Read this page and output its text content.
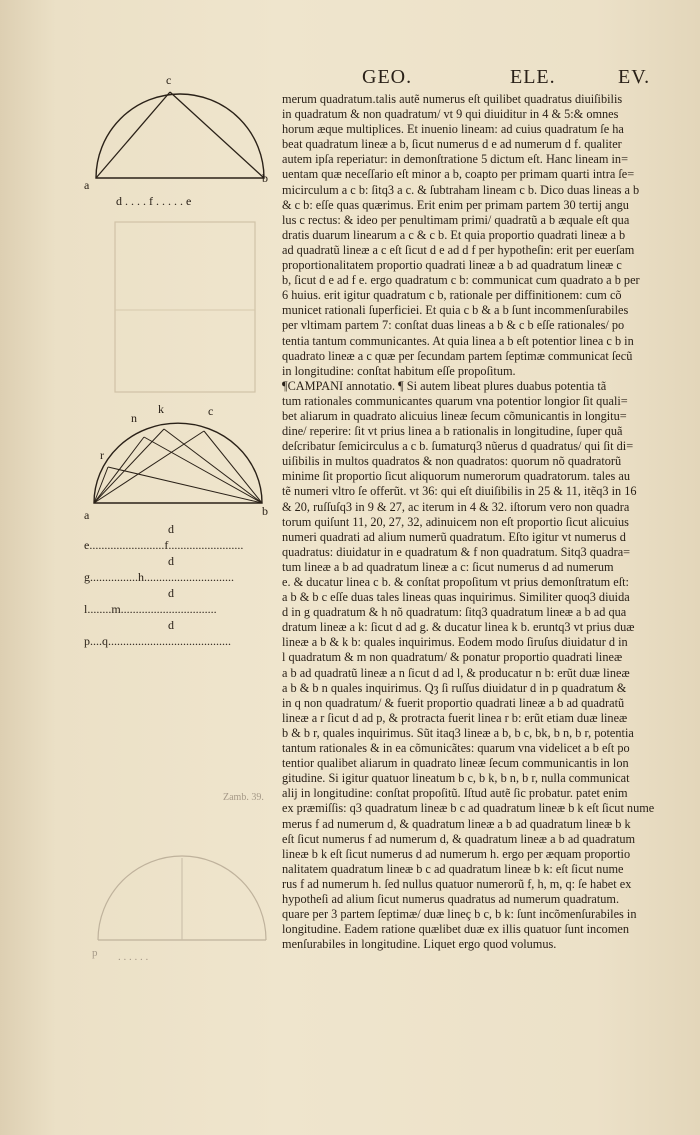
GEO.	ELE.	EV.
c
a	b
d . . . . f . . . . . e
n
k	c
r
a	b
d
e.........................f.........................
d
g................h..............................
d
l........m................................
d
p....q.........................................
Zamb. 39.
p . . . . . .
merum quadratum.talis autẽ numerus eſt quilibet quadratus diuiſibilis
in quadratum & non quadratum/ vt 9 qui diuiditur in 4 & 5:& omnes
horum æque multiplices. Et inuenio lineam: ad cuius quadratum ſe ha
beat quadratum lineæ a b, ſicut numerus d e ad numerum d f. qualiter
autem ipſa reperiatur: in demonſtratione 5 dictum eſt. Hanc lineam in=
uentam quæ neceſſario eſt minor a b, coapto per primam quarti intra ſe=
micirculum a c b: ſitq3 a c. & ſubtraham lineam c b. Dico duas lineas a b
& c b: eſſe quas quærimus. Erit enim per primam partem 30 tertij angu
lus c rectus: & ideo per penultimam primi/ quadratũ a b æquale eſt qua
dratis duarum linearum a c & c b. Et quia proportio quadrati lineæ a b
ad quadratũ lineæ a c eſt ſicut d e ad d f per hypotheſin: erit per euerſam
proportionalitatem proportio quadrati lineæ a b ad quadratum lineæ c
b, ſicut d e ad f e. ergo quadratum c b: communicat cum quadrato a b per
6 huius. erit igitur quadratum c b, rationale per diffinitionem: cum cõ
municet rationali ſuperficiei. Et quia c b & a b ſunt incommenſurabiles
per vltimam partem 7: conſtat duas lineas a b & c b eſſe rationales/ po
tentia tantum communicantes. At quia linea a b eſt potentior linea c b in
quadrato lineæ a c quæ per ſecundam partem ſeptimæ communicat ſecũ
in longitudine: conſtat habitum eſſe propoſitum.
¶CAMPANI annotatio. ¶ Si autem libeat plures duabus potentia tã
tum rationales communicantes quarum vna potentior longior ſit quali=
bet aliarum in quadrato alicuius lineæ ſecum cõmunicantis in longitu=
dine/ reperire: ſit vt prius linea a b rationalis in longitudine, ſuper quã
deſcribatur ſemicirculus a c b. ſumaturq3 nũerus d quadratus/ qui ſit di=
uiſibilis in multos quadratos & non quadratos: quorum nõ quadratorũ
minime ſit proportio ſicut aliquorum numerorum quadratorum. tales au
tẽ numeri vltro ſe offerũt. vt 36: qui eſt diuiſibilis in 25 & 11, itẽq3 in 16
& 20, ruſſuſq3 in 9 & 27, ac iterum in 4 & 32. iſtorum vero non quadra
torum quiſunt 11, 20, 27, 32, adinuicem non eſt proportio ſicut alicuius
numeri quadrati ad alium numerũ quadratum. Eſto igitur vt numerus d
quadratus: diuidatur in e quadratum & f non quadratum. Sitq3 quadra=
tum lineæ a b ad quadratum lineæ a c: ſicut numerus d ad numerum
e. & ducatur linea c b. & conſtat propoſitum vt prius demonſtratum eſt:
a b & b c eſſe duas tales lineas quas inquirimus. Similiter quoq3 diuida
d in g quadratum & h nõ quadratum: ſitq3 quadratum lineæ a b ad qua
dratum lineæ a k: ſicut d ad g. & ducatur linea k b. eruntq3 vt prius duæ
lineæ a b & k b: quales inquirimus. Eodem modo ſiruſus diuidatur d in
l quadratum & m non quadratum/ & ponatur proportio quadrati lineæ
a b ad quadratũ lineæ a n ſicut d ad l, & producatur n b: erũt duæ lineæ
a b & b n quales inquirimus. Qȝ ſi ruſſus diuidatur d in p quadratum &
in q non quadratum/ & fuerit proportio quadrati lineæ a b ad quadratũ
lineæ a r ſicut d ad p, & protracta fuerit linea r b: erũt etiam duæ lineæ
b & b r, quales inquirimus. Sũt itaq3 lineæ a b, b c, bk, b n, b r, potentia
tantum rationales & in ea cõmunicãtes: quarum vna videlicet a b eſt po
tentior qualibet aliarum in quadrato lineæ ſecum communicantis in lon
gitudine. Si igitur quatuor lineatum b c, b k, b n, b r, nulla communicat
alij in longitudine: conſtat propoſitũ. Iſtud autẽ ſic probatur. patet enim
ex præmiſſis: q3 quadratum lineæ b c ad quadratum lineæ b k eſt ſicut nume
merus f ad numerum d, & quadratum lineæ a b ad quadratum lineæ b k
eſt ſicut numerus f ad numerum d, & quadratum lineæ a b ad quadratum
lineæ b k eſt ſicut numerus d ad numerum h. ergo per æquam proportio
nalitatem quadratum lineæ b c ad quadratum lineæ b k: eſt ſicut nume
rus f ad numerum h. ſed nullus quatuor numerorũ f, h, m, q: ſe habet ex
hypotheſi ad alium ſicut numerus quadratus ad numerum quadratum.
quare per 3 partem ſeptimæ/ duæ lineç b c, b k: ſunt incõmenſurabiles in
longitudine. Eadem ratione quælibet duæ ex illis quatuor ſunt incomen
menſurabiles in longitudine. Liquet ergo quod volumus.
